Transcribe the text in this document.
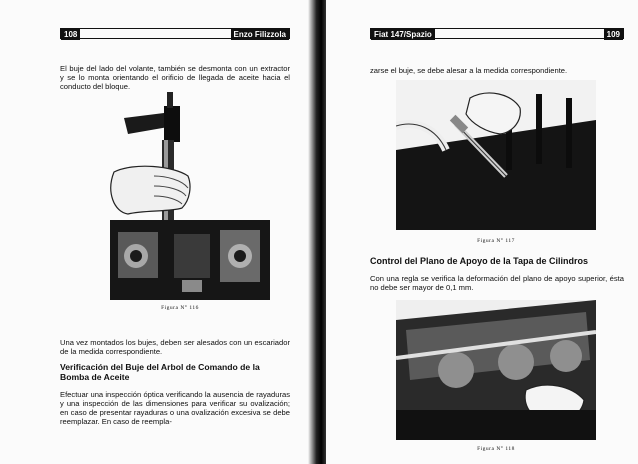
108	Enzo Filizzola

El buje del lado del volante, también se desmonta con un extractor y se lo monta orientando el orificio de llegada de aceite hacia el conducto del bloque.

Figura N° 116

Una vez montados los bujes, deben ser alesados con un escariador de la medida correspondiente.

Verificación del Buje del Arbol de Comando de la Bomba de Aceite

Efectuar una inspección óptica verificando la ausencia de rayaduras y una inspección de las dimensiones para verificar su ovalización; en caso de presentar rayaduras o una ovalización excesiva se debe reemplazar. En caso de reempla-

Fiat 147/Spazio	109

zarse el buje, se debe alesar a la medida correspondiente.

Figura N° 117

Control del Plano de Apoyo de la Tapa de Cilindros

Con una regla se verifica la deformación del plano de apoyo superior, ésta no debe ser mayor de 0,1 mm.

Figura N° 118
